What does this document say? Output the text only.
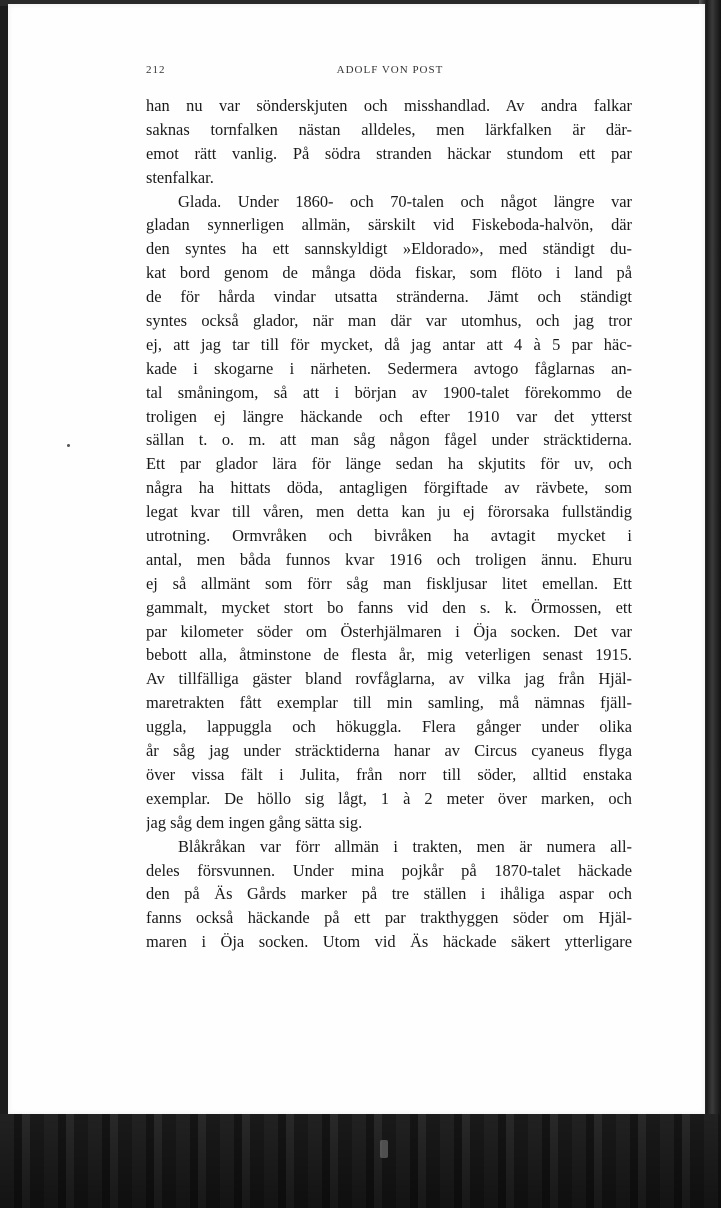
212	ADOLF VON POST
han nu var sönderskjuten och misshandlad. Av andra falkar
saknas tornfalken nästan alldeles, men lärkfalken är där-
emot rätt vanlig. På södra stranden häckar stundom ett par
stenfalkar.
Glada. Under 1860- och 70-talen och något längre var
gladan synnerligen allmän, särskilt vid Fiskeboda-halvön, där
den syntes ha ett sannskyldigt »Eldorado», med ständigt du-
kat bord genom de många döda fiskar, som flöto i land på
de för hårda vindar utsatta stränderna. Jämt och ständigt
syntes också glador, när man där var utomhus, och jag tror
ej, att jag tar till för mycket, då jag antar att 4 à 5 par häc-
kade i skogarne i närheten. Sedermera avtogo fåglarnas an-
tal småningom, så att i början av 1900-talet förekommo de
troligen ej längre häckande och efter 1910 var det ytterst
sällan t. o. m. att man såg någon fågel under sträcktiderna.
Ett par glador lära för länge sedan ha skjutits för uv, och
några ha hittats döda, antagligen förgiftade av rävbete, som
legat kvar till våren, men detta kan ju ej förorsaka fullständig
utrotning. Ormvråken och bivråken ha avtagit mycket i
antal, men båda funnos kvar 1916 och troligen ännu. Ehuru
ej så allmänt som förr såg man fiskljusar litet emellan. Ett
gammalt, mycket stort bo fanns vid den s. k. Örmossen, ett
par kilometer söder om Österhjälmaren i Öja socken. Det var
bebott alla, åtminstone de flesta år, mig veterligen senast 1915.
Av tillfälliga gäster bland rovfåglarna, av vilka jag från Hjäl-
maretrakten fått exemplar till min samling, må nämnas fjäll-
uggla, lappuggla och hökuggla. Flera gånger under olika
år såg jag under sträcktiderna hanar av Circus cyaneus flyga
över vissa fält i Julita, från norr till söder, alltid enstaka
exemplar. De höllo sig lågt, 1 à 2 meter över marken, och
jag såg dem ingen gång sätta sig.
Blåkråkan var förr allmän i trakten, men är numera all-
deles försvunnen. Under mina pojkår på 1870-talet häckade
den på Äs Gårds marker på tre ställen i ihåliga aspar och
fanns också häckande på ett par trakthyggen söder om Hjäl-
maren i Öja socken. Utom vid Äs häckade säkert ytterligare
